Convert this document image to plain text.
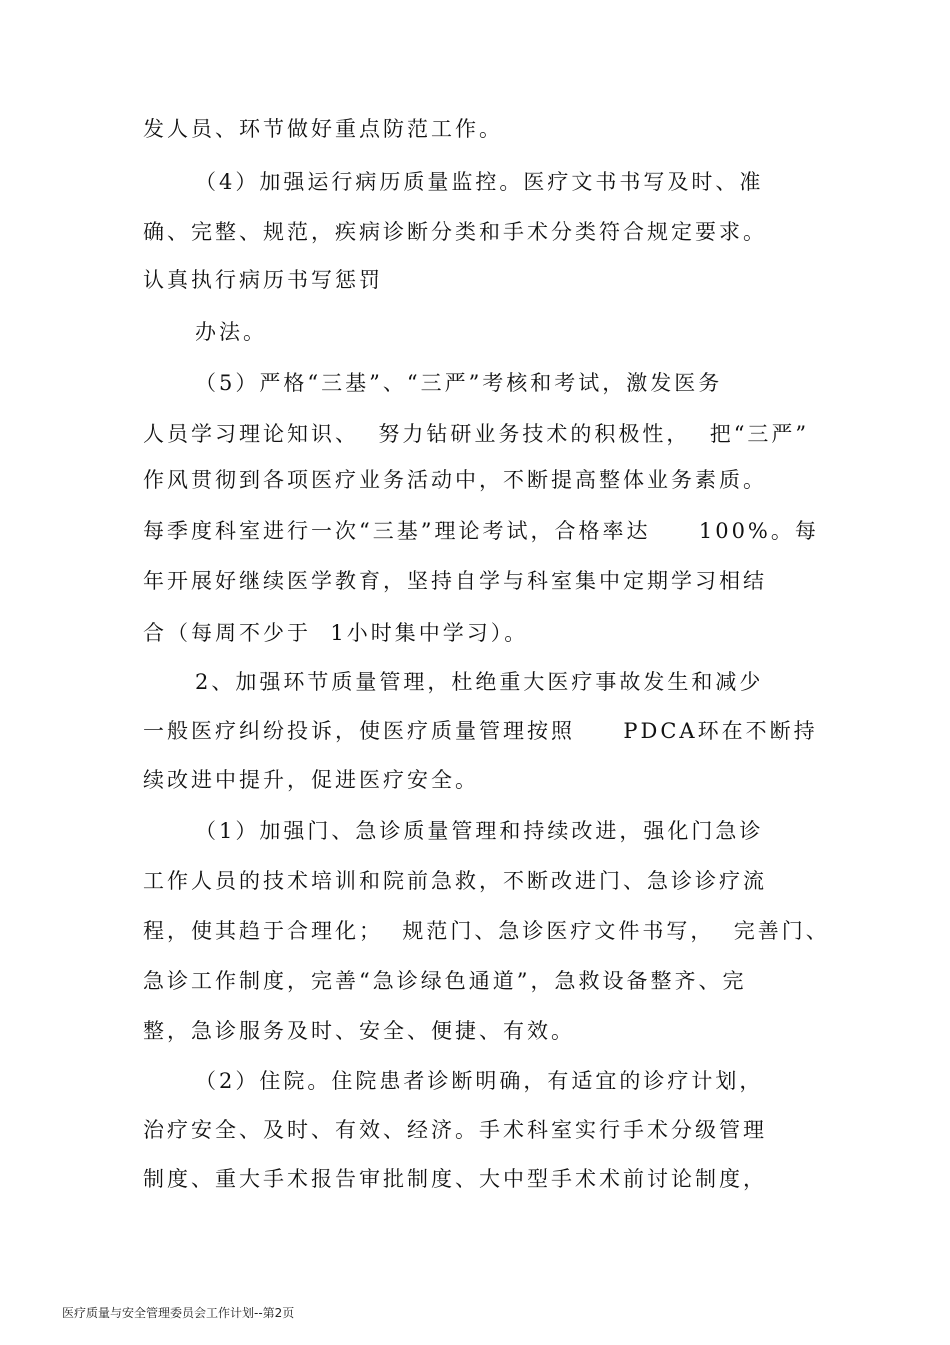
发人员、环节做好重点防范工作。
（4）加强运行病历质量监控。医疗文书书写及时、准
确、完整、规范，疾病诊断分类和手术分类符合规定要求。
认真执行病历书写惩罚
办法。
（5）严格“三基”、“三严”考核和考试，激发医务
人员学习理论知识、  努力钻研业务技术的积极性，  把“三严”
作风贯彻到各项医疗业务活动中，不断提高整体业务素质。
每季度科室进行一次“三基”理论考试，合格率达     100%。每
年开展好继续医学教育，坚持自学与科室集中定期学习相结
合（每周不少于  1小时集中学习）。
2、加强环节质量管理，杜绝重大医疗事故发生和减少
一般医疗纠纷投诉，使医疗质量管理按照     PDCA环在不断持
续改进中提升，促进医疗安全。
（1）加强门、急诊质量管理和持续改进，强化门急诊
工作人员的技术培训和院前急救，不断改进门、急诊诊疗流
程，使其趋于合理化；  规范门、急诊医疗文件书写，  完善门、
急诊工作制度，完善“急诊绿色通道”，急救设备整齐、完
整，急诊服务及时、安全、便捷、有效。
（2）住院。住院患者诊断明确，有适宜的诊疗计划，
治疗安全、及时、有效、经济。手术科室实行手术分级管理
制度、重大手术报告审批制度、大中型手术术前讨论制度，
医疗质量与安全管理委员会工作计划--第2页
